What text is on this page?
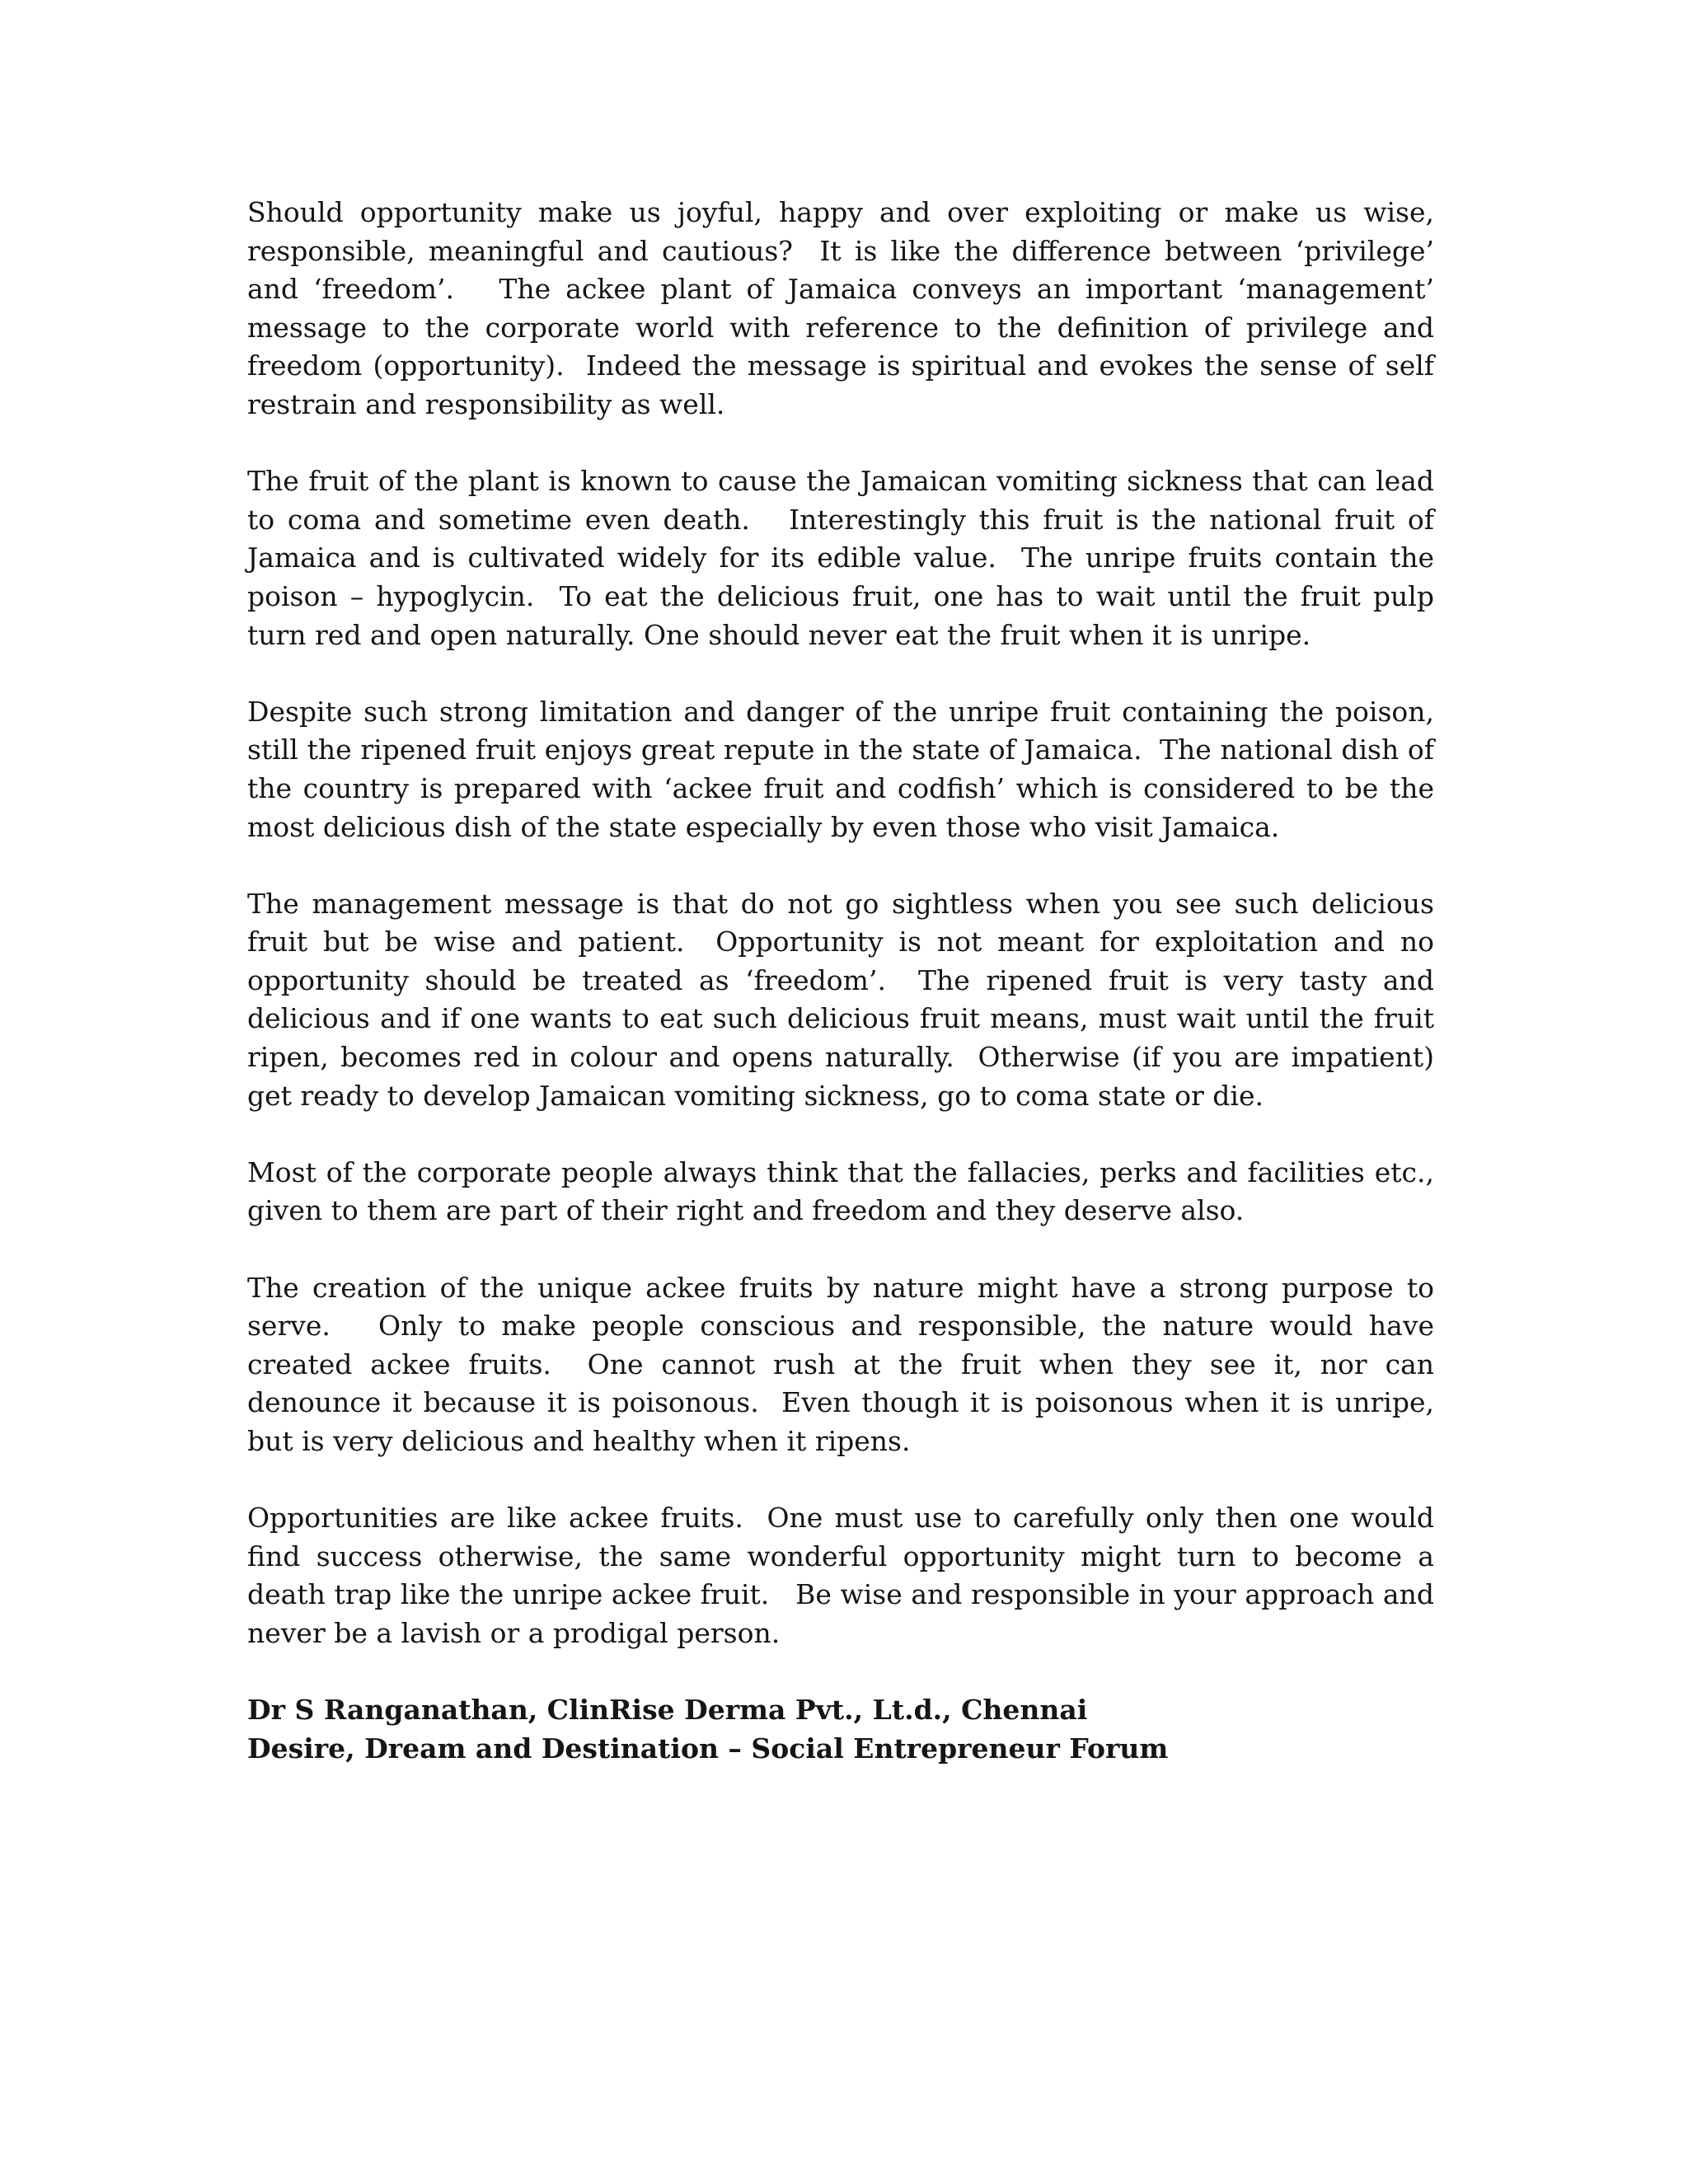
Should opportunity make us joyful, happy and over exploiting or make us wise, responsible, meaningful and cautious?  It is like the difference between ‘privilege’ and ‘freedom’.   The ackee plant of Jamaica conveys an important ‘management’ message to the corporate world with reference to the definition of privilege and freedom (opportunity).  Indeed the message is spiritual and evokes the sense of self restrain and responsibility as well.

The fruit of the plant is known to cause the Jamaican vomiting sickness that can lead to coma and sometime even death.   Interestingly this fruit is the national fruit of Jamaica and is cultivated widely for its edible value.  The unripe fruits contain the poison – hypoglycin.  To eat the delicious fruit, one has to wait until the fruit pulp turn red and open naturally. One should never eat the fruit when it is unripe.

Despite such strong limitation and danger of the unripe fruit containing the poison, still the ripened fruit enjoys great repute in the state of Jamaica.  The national dish of the country is prepared with ‘ackee fruit and codfish’ which is considered to be the most delicious dish of the state especially by even those who visit Jamaica.

The management message is that do not go sightless when you see such delicious fruit but be wise and patient.  Opportunity is not meant for exploitation and no opportunity should be treated as ‘freedom’.  The ripened fruit is very tasty and delicious and if one wants to eat such delicious fruit means, must wait until the fruit ripen, becomes red in colour and opens naturally.  Otherwise (if you are impatient) get ready to develop Jamaican vomiting sickness, go to coma state or die.

Most of the corporate people always think that the fallacies, perks and facilities etc., given to them are part of their right and freedom and they deserve also.

The creation of the unique ackee fruits by nature might have a strong purpose to serve.   Only to make people conscious and responsible, the nature would have created ackee fruits.  One cannot rush at the fruit when they see it, nor can denounce it because it is poisonous.  Even though it is poisonous when it is unripe, but is very delicious and healthy when it ripens.

Opportunities are like ackee fruits.  One must use to carefully only then one would find success otherwise, the same wonderful opportunity might turn to become a death trap like the unripe ackee fruit.   Be wise and responsible in your approach and never be a lavish or a prodigal person.

Dr S Ranganathan, ClinRise Derma Pvt., Lt.d., Chennai
Desire, Dream and Destination – Social Entrepreneur Forum
